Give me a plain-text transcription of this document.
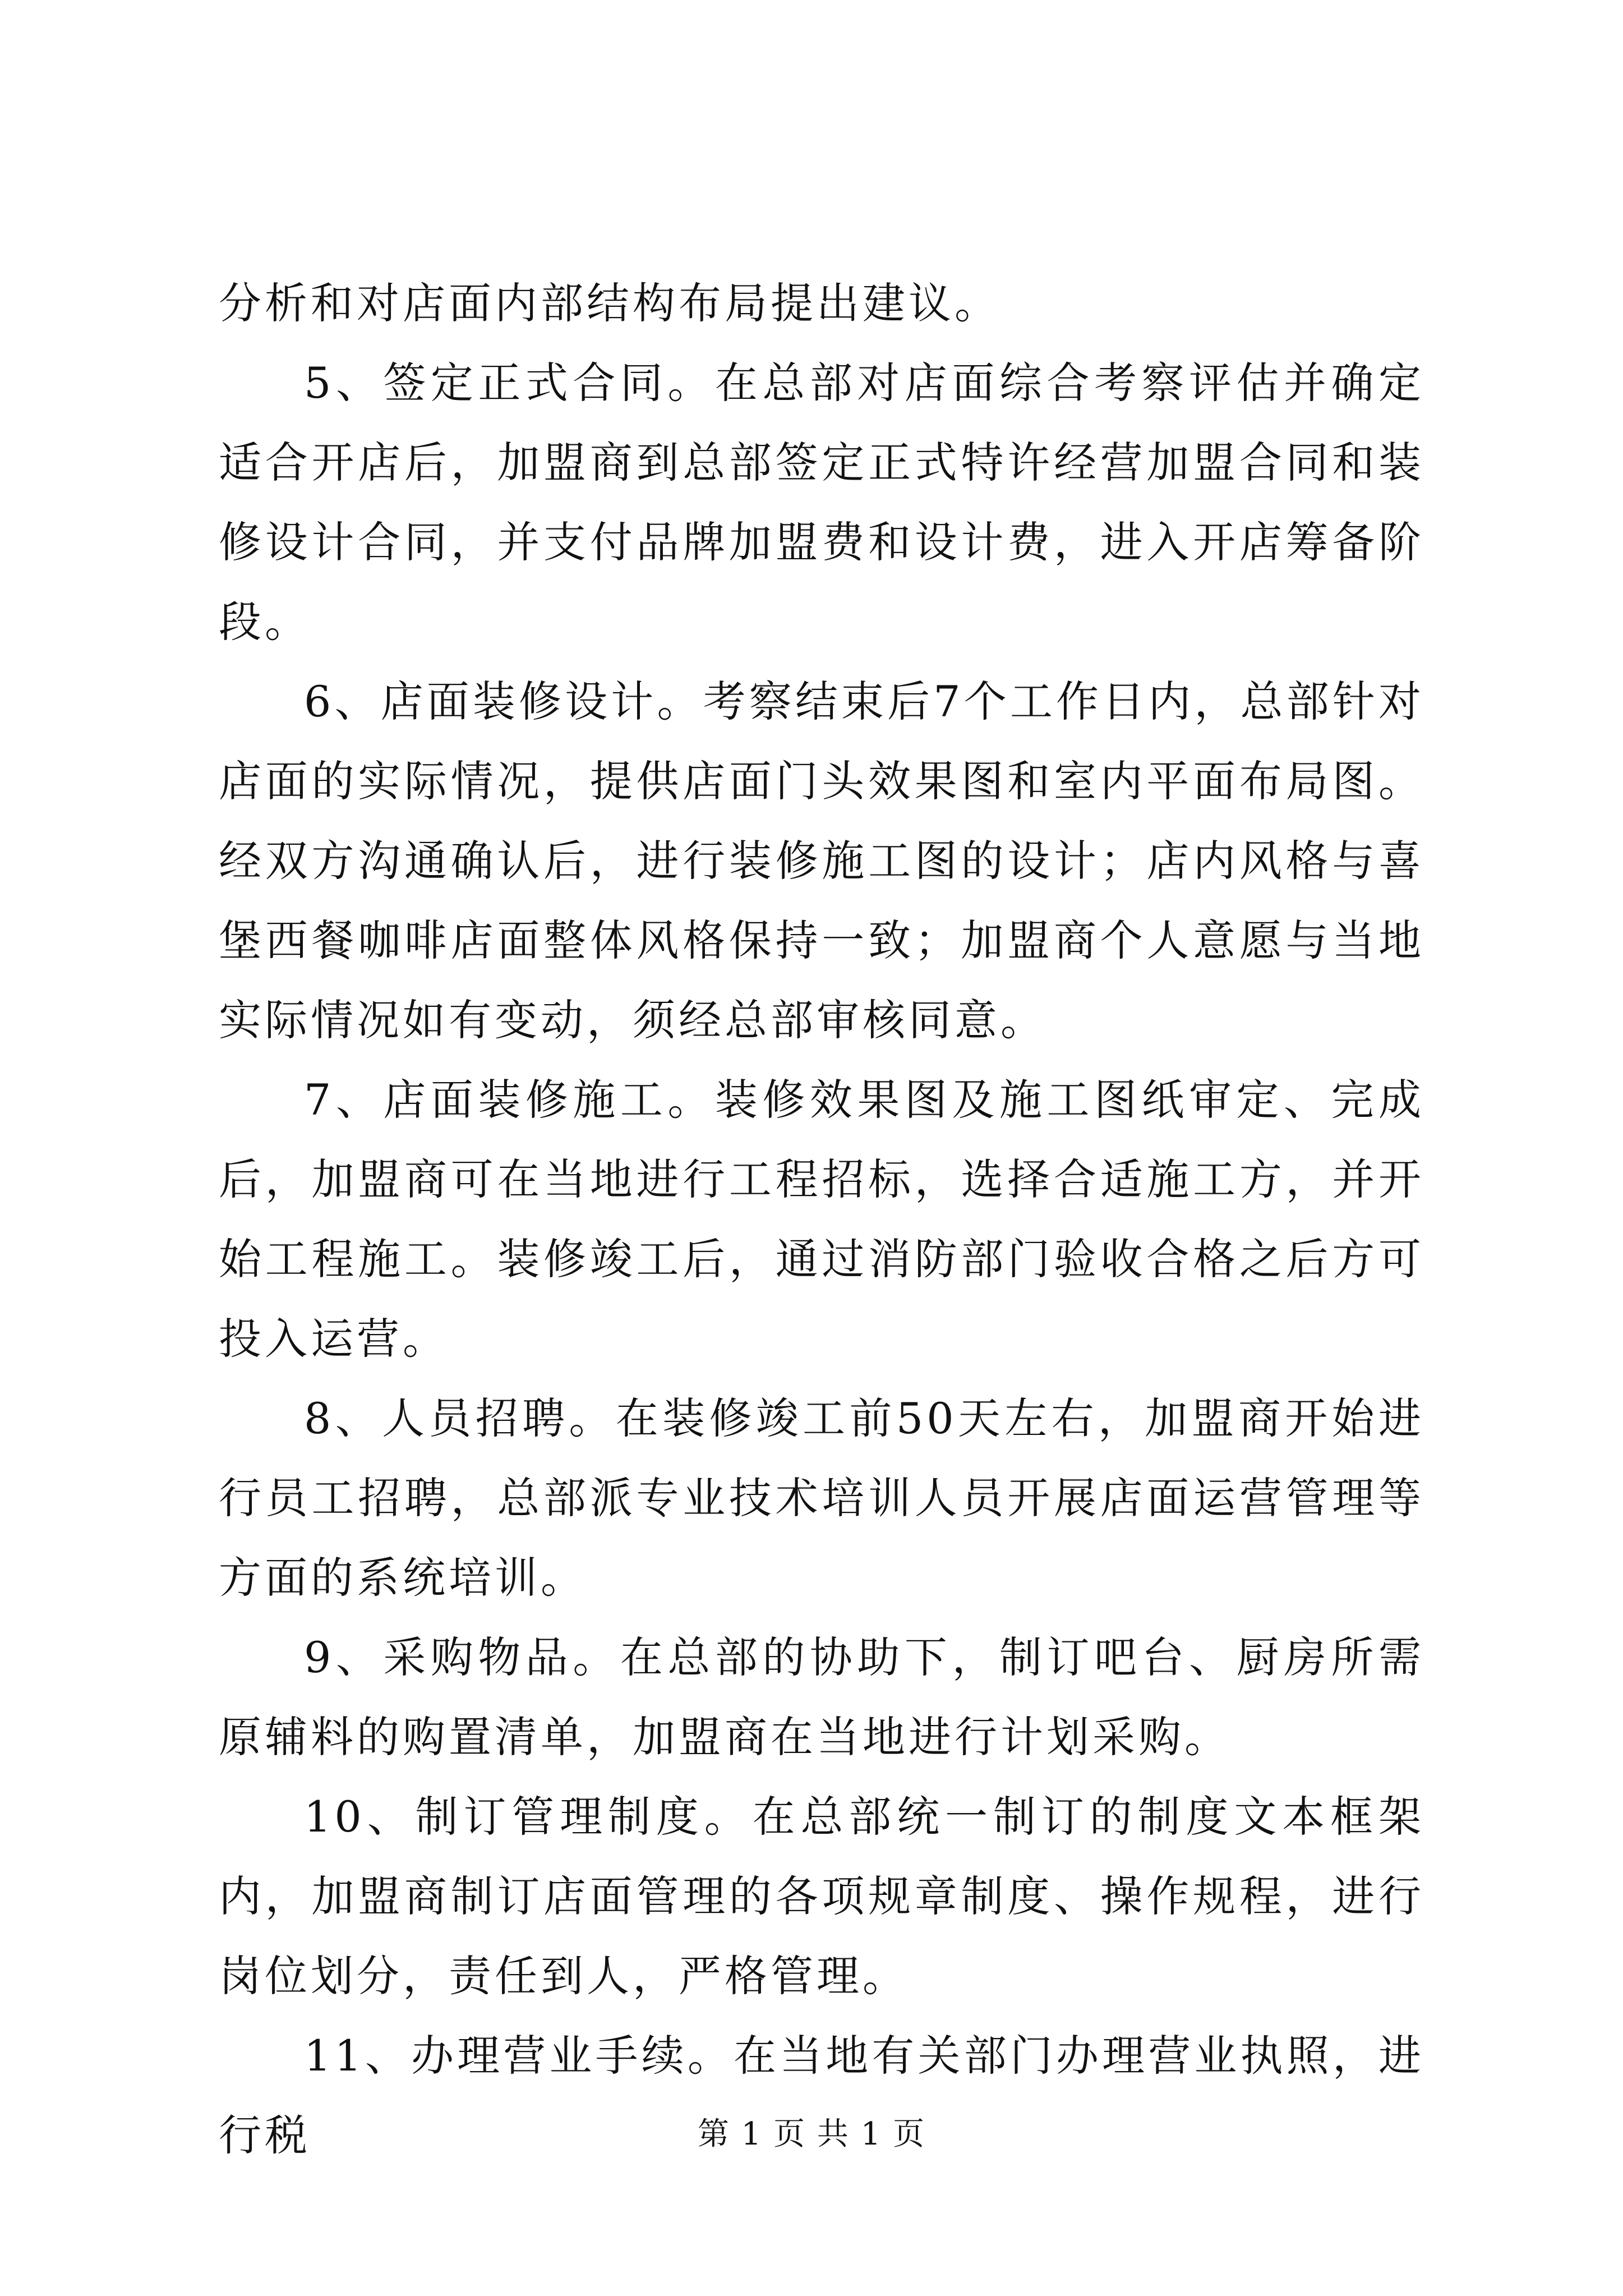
分析和对店面内部结构布局提出建议。

5、签定正式合同。在总部对店面综合考察评估并确定适合开店后，加盟商到总部签定正式特许经营加盟合同和装修设计合同，并支付品牌加盟费和设计费，进入开店筹备阶段。

6、店面装修设计。考察结束后7个工作日内，总部针对店面的实际情况，提供店面门头效果图和室内平面布局图。经双方沟通确认后，进行装修施工图的设计；店内风格与喜堡西餐咖啡店面整体风格保持一致；加盟商个人意愿与当地实际情况如有变动，须经总部审核同意。

7、店面装修施工。装修效果图及施工图纸审定、完成后，加盟商可在当地进行工程招标，选择合适施工方，并开始工程施工。装修竣工后，通过消防部门验收合格之后方可投入运营。

8、人员招聘。在装修竣工前50天左右，加盟商开始进行员工招聘，总部派专业技术培训人员开展店面运营管理等方面的系统培训。

9、采购物品。在总部的协助下，制订吧台、厨房所需原辅料的购置清单，加盟商在当地进行计划采购。

10、制订管理制度。在总部统一制订的制度文本框架内，加盟商制订店面管理的各项规章制度、操作规程，进行岗位划分，责任到人，严格管理。

11、办理营业手续。在当地有关部门办理营业执照，进行税	第 1 页 共 1 页
